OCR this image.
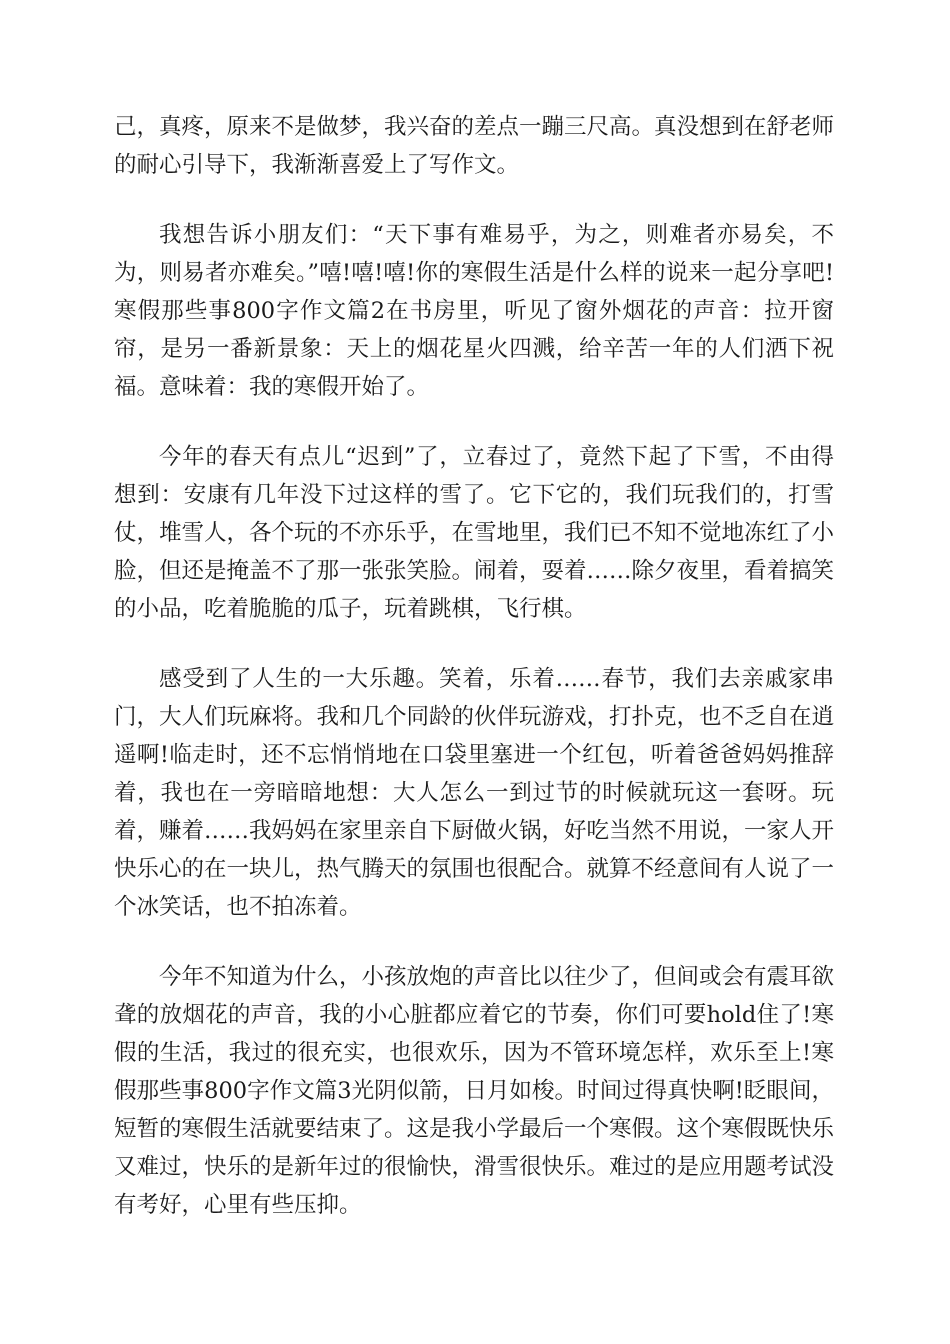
己，真疼，原来不是做梦，我兴奋的差点一蹦三尺高。真没想到在舒老师的耐心引导下，我渐渐喜爱上了写作文。

我想告诉小朋友们：“天下事有难易乎，为之，则难者亦易矣，不为，则易者亦难矣。”嘻!嘻!嘻!你的寒假生活是什么样的说来一起分享吧!寒假那些事800字作文篇2在书房里，听见了窗外烟花的声音：拉开窗帘，是另一番新景象：天上的烟花星火四溅，给辛苦一年的人们洒下祝福。意味着：我的寒假开始了。

今年的春天有点儿“迟到”了，立春过了，竟然下起了下雪，不由得想到：安康有几年没下过这样的雪了。它下它的，我们玩我们的，打雪仗，堆雪人，各个玩的不亦乐乎，在雪地里，我们已不知不觉地冻红了小脸，但还是掩盖不了那一张张笑脸。闹着，耍着……除夕夜里，看着搞笑的小品，吃着脆脆的瓜子，玩着跳棋，飞行棋。

感受到了人生的一大乐趣。笑着，乐着……春节，我们去亲戚家串门，大人们玩麻将。我和几个同龄的伙伴玩游戏，打扑克，也不乏自在逍遥啊!临走时，还不忘悄悄地在口袋里塞进一个红包，听着爸爸妈妈推辞着，我也在一旁暗暗地想：大人怎么一到过节的时候就玩这一套呀。玩着，赚着……我妈妈在家里亲自下厨做火锅，好吃当然不用说，一家人开快乐心的在一块儿，热气腾天的氛围也很配合。就算不经意间有人说了一个冰笑话，也不拍冻着。

今年不知道为什么，小孩放炮的声音比以往少了，但间或会有震耳欲聋的放烟花的声音，我的小心脏都应着它的节奏，你们可要hold住了!寒假的生活，我过的很充实，也很欢乐，因为不管环境怎样，欢乐至上!寒假那些事800字作文篇3光阴似箭，日月如梭。时间过得真快啊!眨眼间，短暂的寒假生活就要结束了。这是我小学最后一个寒假。这个寒假既快乐又难过，快乐的是新年过的很愉快，滑雪很快乐。难过的是应用题考试没有考好，心里有些压抑。
